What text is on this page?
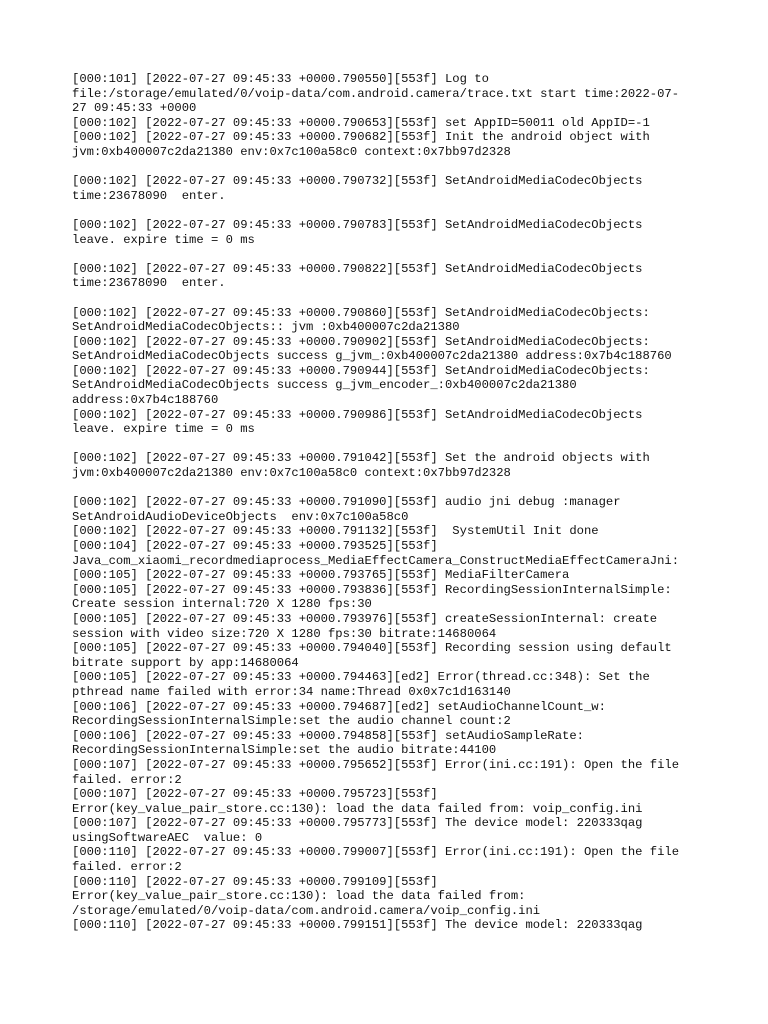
[000:101] [2022-07-27 09:45:33 +0000.790550][553f] Log to
file:/storage/emulated/0/voip-data/com.android.camera/trace.txt start time:2022-07-
27 09:45:33 +0000
[000:102] [2022-07-27 09:45:33 +0000.790653][553f] set AppID=50011 old AppID=-1
[000:102] [2022-07-27 09:45:33 +0000.790682][553f] Init the android object with
jvm:0xb400007c2da21380 env:0x7c100a58c0 context:0x7bb97d2328
[000:102] [2022-07-27 09:45:33 +0000.790732][553f] SetAndroidMediaCodecObjects
time:23678090  enter.
[000:102] [2022-07-27 09:45:33 +0000.790783][553f] SetAndroidMediaCodecObjects
leave. expire time = 0 ms
[000:102] [2022-07-27 09:45:33 +0000.790822][553f] SetAndroidMediaCodecObjects
time:23678090  enter.
[000:102] [2022-07-27 09:45:33 +0000.790860][553f] SetAndroidMediaCodecObjects:
SetAndroidMediaCodecObjects:: jvm :0xb400007c2da21380
[000:102] [2022-07-27 09:45:33 +0000.790902][553f] SetAndroidMediaCodecObjects:
SetAndroidMediaCodecObjects success g_jvm_:0xb400007c2da21380 address:0x7b4c188760
[000:102] [2022-07-27 09:45:33 +0000.790944][553f] SetAndroidMediaCodecObjects:
SetAndroidMediaCodecObjects success g_jvm_encoder_:0xb400007c2da21380
address:0x7b4c188760
[000:102] [2022-07-27 09:45:33 +0000.790986][553f] SetAndroidMediaCodecObjects
leave. expire time = 0 ms
[000:102] [2022-07-27 09:45:33 +0000.791042][553f] Set the android objects with
jvm:0xb400007c2da21380 env:0x7c100a58c0 context:0x7bb97d2328
[000:102] [2022-07-27 09:45:33 +0000.791090][553f] audio jni debug :manager
SetAndroidAudioDeviceObjects  env:0x7c100a58c0
[000:102] [2022-07-27 09:45:33 +0000.791132][553f]  SystemUtil Init done
[000:104] [2022-07-27 09:45:33 +0000.793525][553f]
Java_com_xiaomi_recordmediaprocess_MediaEffectCamera_ConstructMediaEffectCameraJni:
[000:105] [2022-07-27 09:45:33 +0000.793765][553f] MediaFilterCamera
[000:105] [2022-07-27 09:45:33 +0000.793836][553f] RecordingSessionInternalSimple:
Create session internal:720 X 1280 fps:30
[000:105] [2022-07-27 09:45:33 +0000.793976][553f] createSessionInternal: create
session with video size:720 X 1280 fps:30 bitrate:14680064
[000:105] [2022-07-27 09:45:33 +0000.794040][553f] Recording session using default
bitrate support by app:14680064
[000:105] [2022-07-27 09:45:33 +0000.794463][ed2] Error(thread.cc:348): Set the
pthread name failed with error:34 name:Thread 0x0x7c1d163140
[000:106] [2022-07-27 09:45:33 +0000.794687][ed2] setAudioChannelCount_w:
RecordingSessionInternalSimple:set the audio channel count:2
[000:106] [2022-07-27 09:45:33 +0000.794858][553f] setAudioSampleRate:
RecordingSessionInternalSimple:set the audio bitrate:44100
[000:107] [2022-07-27 09:45:33 +0000.795652][553f] Error(ini.cc:191): Open the file
failed. error:2
[000:107] [2022-07-27 09:45:33 +0000.795723][553f]
Error(key_value_pair_store.cc:130): load the data failed from: voip_config.ini
[000:107] [2022-07-27 09:45:33 +0000.795773][553f] The device model: 220333qag
usingSoftwareAEC  value: 0
[000:110] [2022-07-27 09:45:33 +0000.799007][553f] Error(ini.cc:191): Open the file
failed. error:2
[000:110] [2022-07-27 09:45:33 +0000.799109][553f]
Error(key_value_pair_store.cc:130): load the data failed from:
/storage/emulated/0/voip-data/com.android.camera/voip_config.ini
[000:110] [2022-07-27 09:45:33 +0000.799151][553f] The device model: 220333qag
